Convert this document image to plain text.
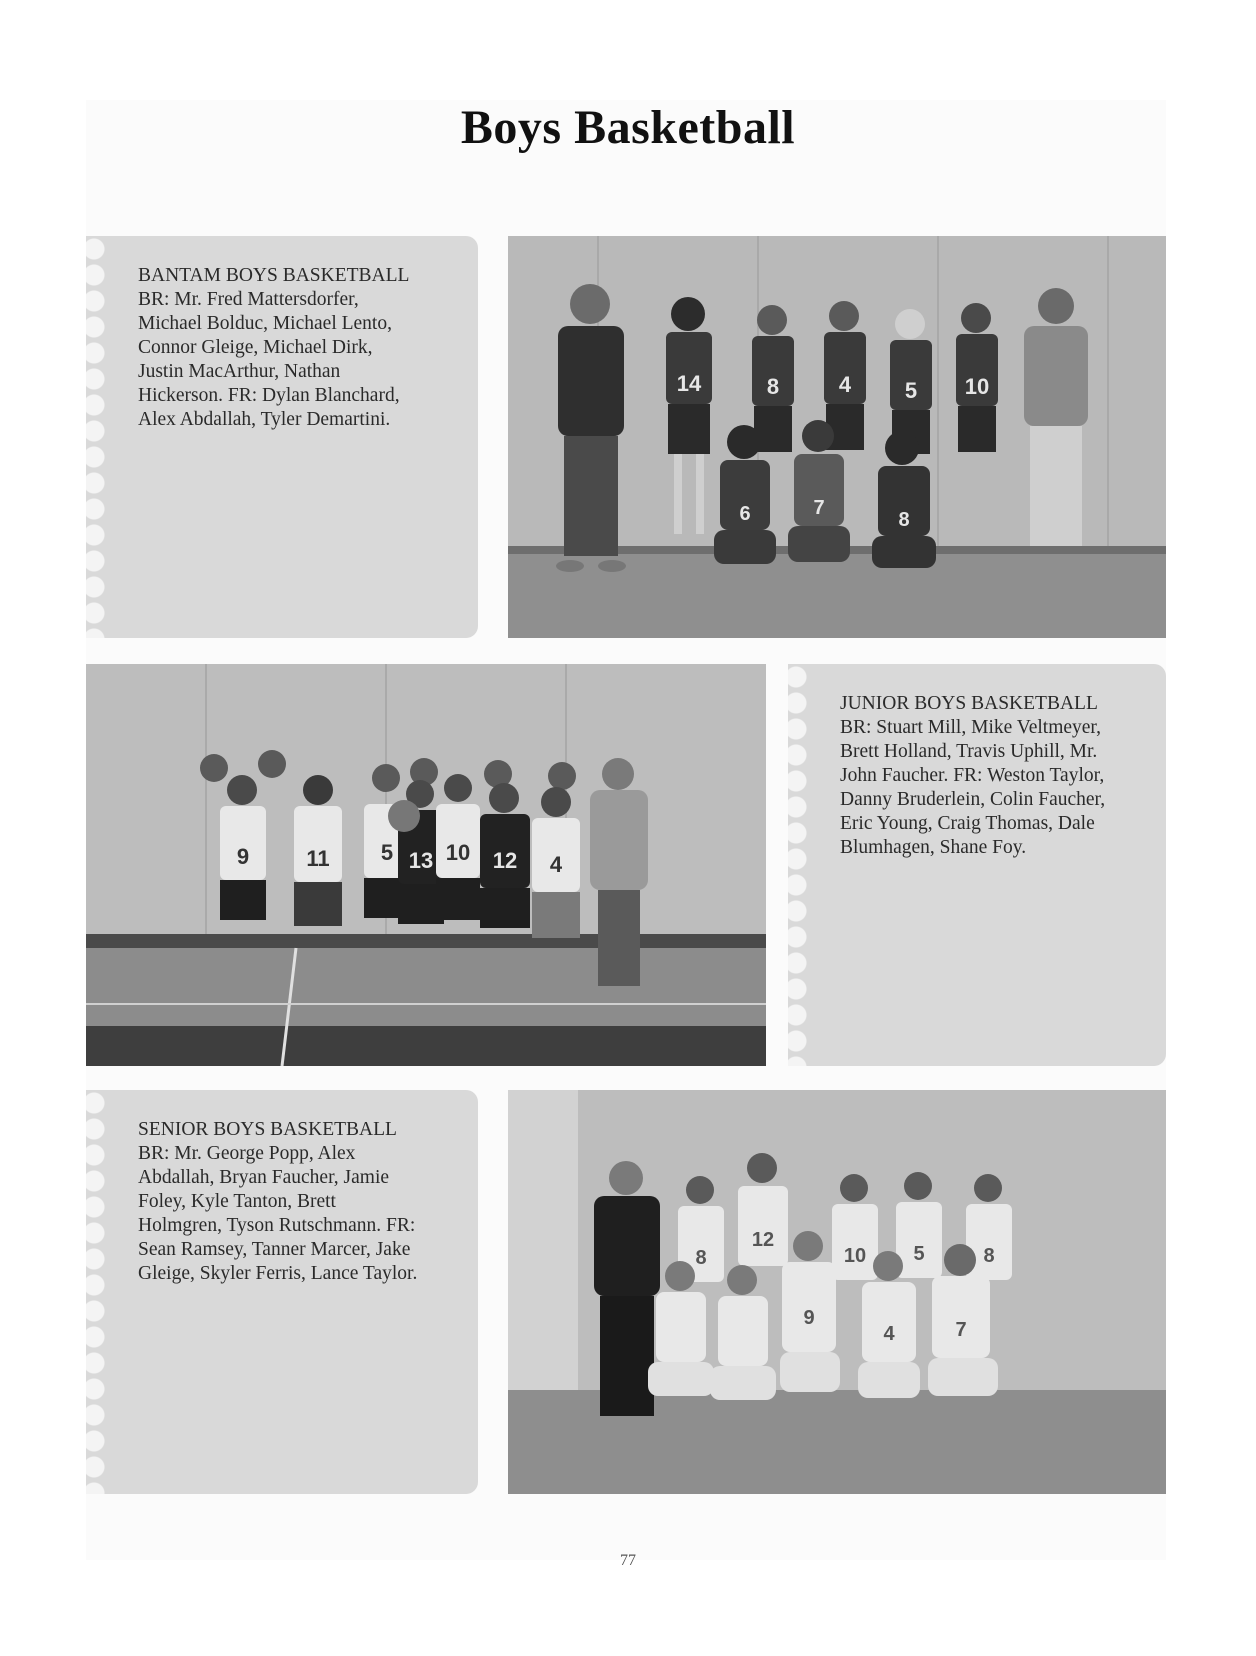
Boys Basketball
BANTAM BOYS BASKETBALL
BR: Mr. Fred Mattersdorfer,
Michael Bolduc, Michael Lento,
Connor Gleige, Michael Dirk,
Justin MacArthur, Nathan
Hickerson. FR: Dylan Blanchard,
Alex Abdallah, Tyler Demartini.
14	8	4 5 10
6	7
8
9	11 5 13 10 12 4
JUNIOR BOYS BASKETBALL
BR: Stuart Mill, Mike Veltmeyer,
Brett Holland, Travis Uphill, Mr.
John Faucher. FR: Weston Taylor,
Danny Bruderlein, Colin Faucher,
Eric Young, Craig Thomas, Dale
Blumhagen, Shane Foy.
SENIOR BOYS BASKETBALL
BR: Mr. George Popp, Alex
Abdallah, Bryan Faucher, Jamie
Foley, Kyle Tanton, Brett
Holmgren, Tyson Rutschmann. FR:
Sean Ramsey, Tanner Marcer, Jake
Gleige, Skyler Ferris, Lance Taylor.
8
12
10 5	8
9
4	7
77
